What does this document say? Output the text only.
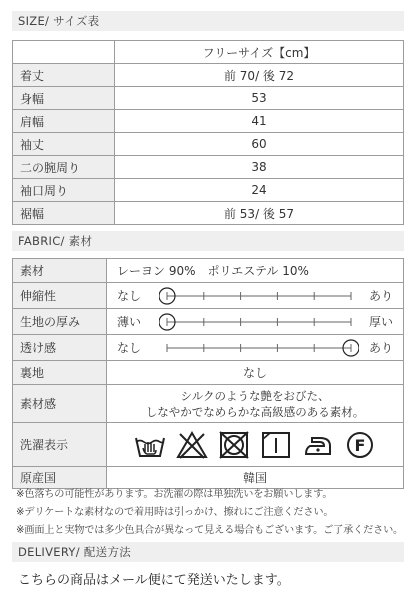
SIZE/ サイズ表
	フリーサイズ【cm】
着丈	前 70/ 後 72
身幅	53
肩幅	41
袖丈	60
二の腕周り	38
袖口周り	24
裾幅	前 53/ 後 57
FABRIC/ 素材
素材	レーヨン 90%　ポリエステル 10%
伸縮性	なし あり

生地の厚み	薄い 厚い

透け感	なし あり

裏地	なし
素材感	シルクのような艶をおびた、
しなやかでなめらかな高級感のある素材。

洗濯表示	F

原産国	韓国
※色落ちの可能性があります。お洗濯の際は単独洗いをお願いします。
※デリケートな素材なので着用時は引っかけ、擦れにご注意ください。
※画面上と実物では多少色具合が異なって見える場合もございます。ご了承ください。
DELIVERY/ 配送方法
こちらの商品はメール便にて発送いたします。
